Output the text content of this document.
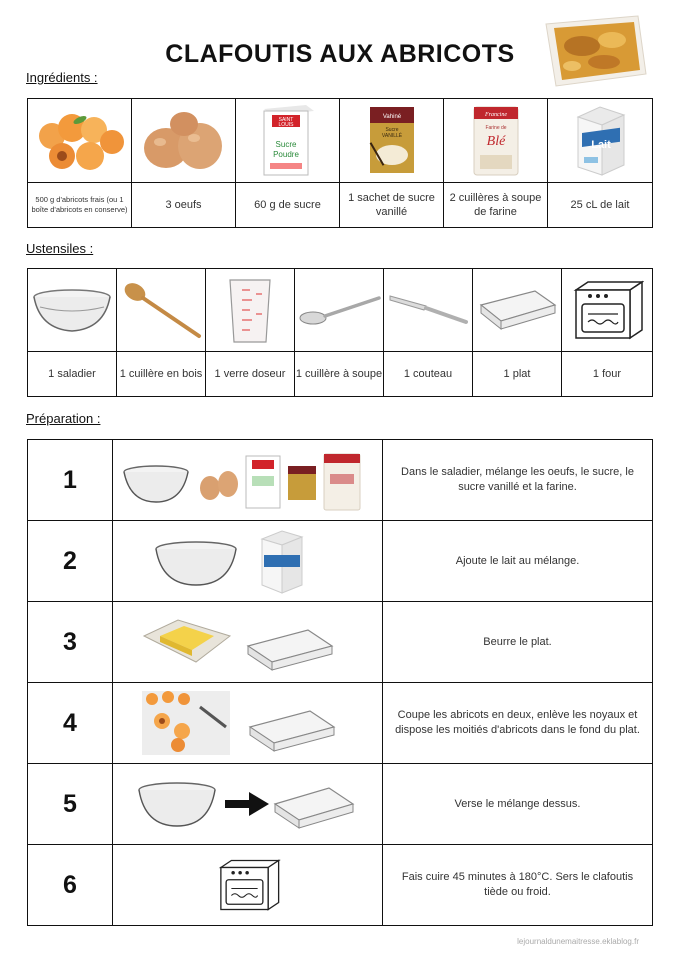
CLAFOUTIS AUX ABRICOTS
Ingrédients :

SAINT
LOUIS
Sucre
Poudre	Vahiné
Sucre
VANILLÉ	Francine
Farine de
Blé	Lait

500 g d'abricots frais (ou 1 boîte d'abricots en conserve)	3 oeufs	60 g de sucre	1 sachet de sucre vanillé	2 cuillères à soupe de farine	25 cL de lait
Ustensiles :

1 saladier	1 cuillère en bois	1 verre doseur	1 cuillère à soupe	1 couteau	1 plat	1 four
Préparation :
1		Dans le saladier, mélange les oeufs, le sucre, le sucre vanillé et la farine.
2		Ajoute le lait au mélange.
3		Beurre le plat.
4		Coupe les abricots en deux, enlève les noyaux et dispose les moitiés d'abricots dans le fond du plat.
5		Verse le mélange dessus.
6		Fais cuire 45 minutes à 180°C. Sers le clafoutis tiède ou froid.
lejournaldunemaitresse.eklablog.fr
